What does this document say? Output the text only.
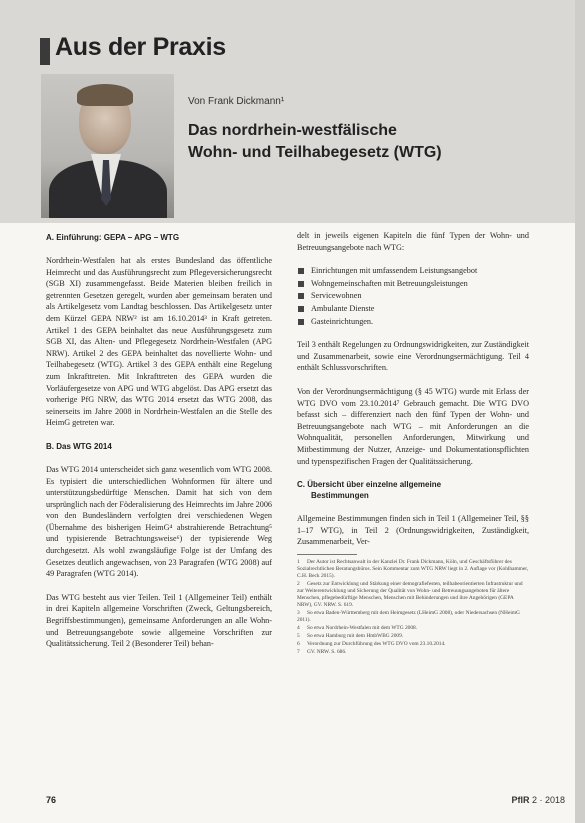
Aus der Praxis
Von Frank Dickmann¹
Das nordrhein-westfälische
Wohn- und Teilhabegesetz (WTG)
A. Einführung: GEPA – APG – WTG

Nordrhein-Westfalen hat als erstes Bundesland das öffentliche Heimrecht und das Ausführungsrecht zum Pflegeversicherungsrecht (SGB XI) zusammengefasst. Beide Materien bleiben freilich in getrennten Gesetzen geregelt, wurden aber gemeinsam beraten und als Artikelgesetz vom Landtag beschlossen. Das Artikelgesetz unter dem Kürzel GEPA NRW² ist am 16.10.2014³ in Kraft getreten. Artikel 1 des GEPA beinhaltet das neue Ausführungsgesetz zum SGB XI, das Alten- und Pflegegesetz Nordrhein-Westfalen (APG NRW). Artikel 2 des GEPA beinhaltet das novellierte Wohn- und Teilhabegesetz (WTG). Artikel 3 des GEPA enthält eine Regelung zum Inkrafttreten. Mit Inkrafttreten des GEPA wurden die Vorläufergesetze von APG und WTG abgelöst. Das APG ersetzt das vorherige PfG NRW, das WTG 2014 ersetzt das WTG 2008, das seinerseits im Jahre 2008 in Nordrhein-Westfalen an die Stelle des HeimG getreten war.

B. Das WTG 2014

Das WTG 2014 unterscheidet sich ganz wesentlich vom WTG 2008. Es typisiert die unterschiedlichen Wohnformen für ältere und unterstützungsbedürftige Menschen. Damit hat sich von dem ursprünglich nach der Föderalisierung des Heimrechts im Jahre 2006 von den Bundesländern verfolgten drei verschiedenen Wegen (Übernahme des bisherigen HeimG⁴ abstrahierende Betrachtung⁵ und typisierende Betrachtungsweise⁶) der typisierende Weg durchgesetzt. Als wohl zwangsläufige Folge ist der Umfang des Gesetzes deutlich angewachsen, von 23 Paragrafen (WTG 2008) auf 49 Paragrafen (WTG 2014).

Das WTG besteht aus vier Teilen. Teil 1 (Allgemeiner Teil) enthält in drei Kapiteln allgemeine Vorschriften (Zweck, Geltungsbereich, Begriffsbestimmungen), gemeinsame Anforderungen an alle Wohn- und Betreuungsangebote sowie allgemeine Vorschriften zur Qualitätssicherung. Teil 2 (Besonderer Teil) behan-

delt in jeweils eigenen Kapiteln die fünf Typen der Wohn- und Betreuungsangebote nach WTG:

Einrichtungen mit umfassendem Leistungsangebot
Wohngemeinschaften mit Betreuungsleistungen
Servicewohnen
Ambulante Dienste
Gasteinrichtungen.

Teil 3 enthält Regelungen zu Ordnungswidrigkeiten, zur Zuständigkeit und Zusammenarbeit, sowie eine Verordnungsermächtigung. Teil 4 enthält Schlussvorschriften.

Von der Verordnungsermächtigung (§ 45 WTG) wurde mit Erlass der WTG DVO vom 23.10.2014⁷ Gebrauch gemacht. Die WTG DVO befasst sich – differenziert nach den fünf Typen der Wohn- und Betreuungsangebote nach WTG – mit Anforderungen an die Wohnqualität, personellen Anforderungen, Mitwirkung und Mitbestimmung der Nutzer, Anzeige- und Dokumentationspflichten und typenspezifischen Fragen der Qualitätssicherung.

C. Übersicht über einzelne allgemeine
Bestimmungen

Allgemeine Bestimmungen finden sich in Teil 1 (Allgemeiner Teil, §§ 1–17 WTG), in Teil 2 (Ordnungswidrigkeiten, Zuständigkeit, Zusammenarbeit, Ver-

1 Der Autor ist Rechtsanwalt in der Kanzlei Dr. Frank Dickmann, Köln, und Geschäftsführer des Sozialrechtlichen Beratungsbüros. Sein Kommentar zum WTG NRW liegt in 2. Auflage vor (Kohlhammer, C.H. Beck 2015).

2 Gesetz zur Entwicklung und Stärkung einer demografiefesten, teilhabeorientierten Infrastruktur und zur Weiterentwicklung und Sicherung der Qualität von Wohn- und Betreuungsangeboten für ältere Menschen, pflegebedürftige Menschen, Menschen mit Behinderungen und ihre Angehörigen (GEPA NRW), GV. NRW. S. 619.

3 So etwa Baden-Württemberg mit dem Heimgesetz (LHeimG 2008), oder Niedersachsen (NHeimG 2011).

4 So etwa Nordrhein-Westfalen mit dem WTG 2008.

5 So etwa Hamburg mit dem HmbWBG 2009.

6 Verordnung zur Durchführung des WTG DVO vom 23.10.2014.

7 GV. NRW. S. 686.

76	PflR 2 · 2018
